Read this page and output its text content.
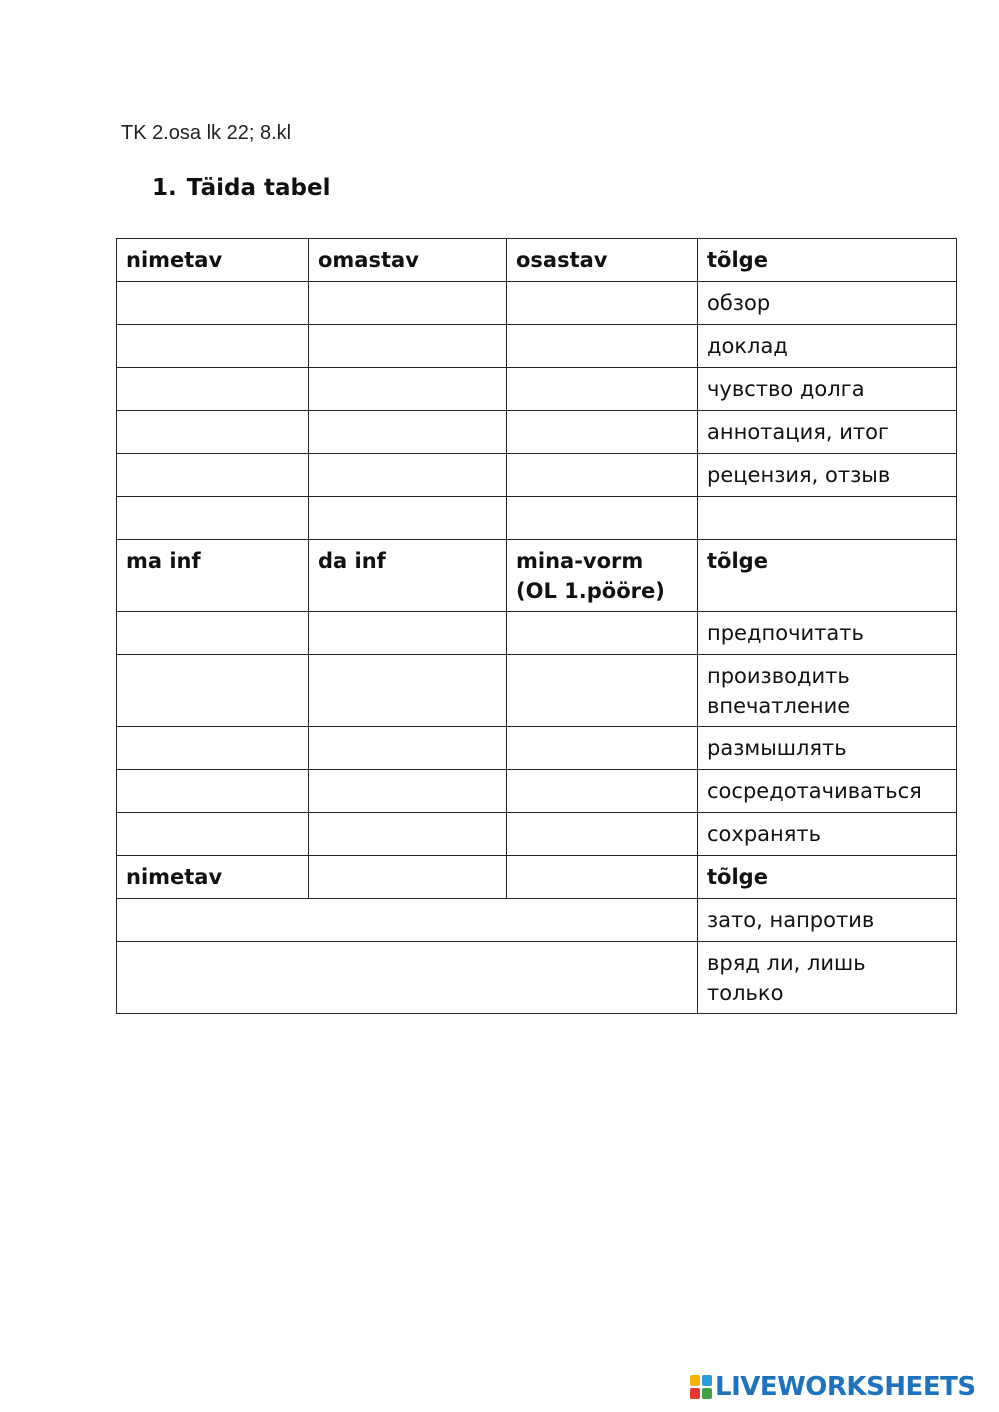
TK 2.osa lk 22; 8.kl
1. Täida tabel
nimetav	omastav	osastav	tõlge
			обзор
			доклад
			чувство долга
			аннотация, итог
			рецензия, отзыв

ma inf	da inf	mina-vorm (OL 1.pööre)	tõlge
			предпочитать
			производить впечатление
			размышлять
			сосредотачиваться
			сохранять
nimetav			tõlge
			зато, напротив
			вряд ли, лишь только
LIVEWORKSHEETS
